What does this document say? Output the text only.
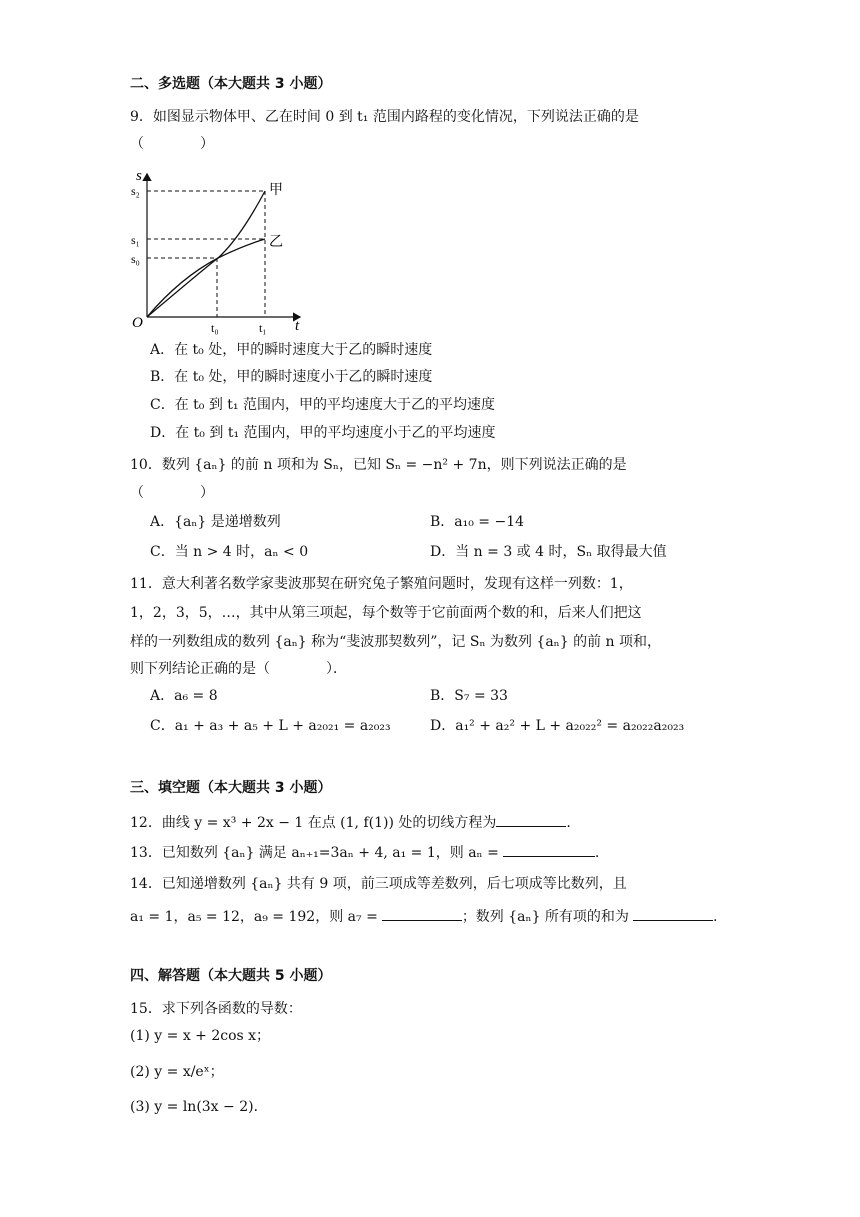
二、多选题（本大题共 3 小题）
9．如图显示物体甲、乙在时间 0 到 t₁ 范围内路程的变化情况，下列说法正确的是
（　　　　）
s
t
O
s₂
s₁
s₀
t₀	t₁
甲
乙
A．在 t₀ 处，甲的瞬时速度大于乙的瞬时速度
B．在 t₀ 处，甲的瞬时速度小于乙的瞬时速度
C．在 t₀ 到 t₁ 范围内，甲的平均速度大于乙的平均速度
D．在 t₀ 到 t₁ 范围内，甲的平均速度小于乙的平均速度
10．数列 {aₙ} 的前 n 项和为 Sₙ，已知 Sₙ = −n² + 7n，则下列说法正确的是
（　　　　）
A．{aₙ} 是递增数列	B．a₁₀ = −14
C．当 n > 4 时，aₙ < 0	D．当 n = 3 或 4 时，Sₙ 取得最大值
11．意大利著名数学家斐波那契在研究兔子繁殖问题时，发现有这样一列数：1，
1，2，3，5，…，其中从第三项起，每个数等于它前面两个数的和，后来人们把这
样的一列数组成的数列 {aₙ} 称为“斐波那契数列”，记 Sₙ 为数列 {aₙ} 的前 n 项和，
则下列结论正确的是（　　　　）．
A．a₆ = 8	B．S₇ = 33
C．a₁ + a₃ + a₅ + L + a₂₀₂₁ = a₂₀₂₃	D．a₁² + a₂² + L + a₂₀₂₂² = a₂₀₂₂a₂₀₂₃
三、填空题（本大题共 3 小题）
12．曲线 y = x³ + 2x − 1 在点 (1, f(1)) 处的切线方程为	.
13．已知数列 {aₙ} 满足 aₙ₊₁=3aₙ + 4, a₁ = 1，则 aₙ =	.
14．已知递增数列 {aₙ} 共有 9 项，前三项成等差数列，后七项成等比数列，且
a₁ = 1，a₅ = 12，a₉ = 192，则 a₇ =	；数列 {aₙ} 所有项的和为	.
四、解答题（本大题共 5 小题）
15．求下列各函数的导数：
(1) y = x + 2cos x；
(2) y = x/eˣ；
(3) y = ln(3x − 2)．
